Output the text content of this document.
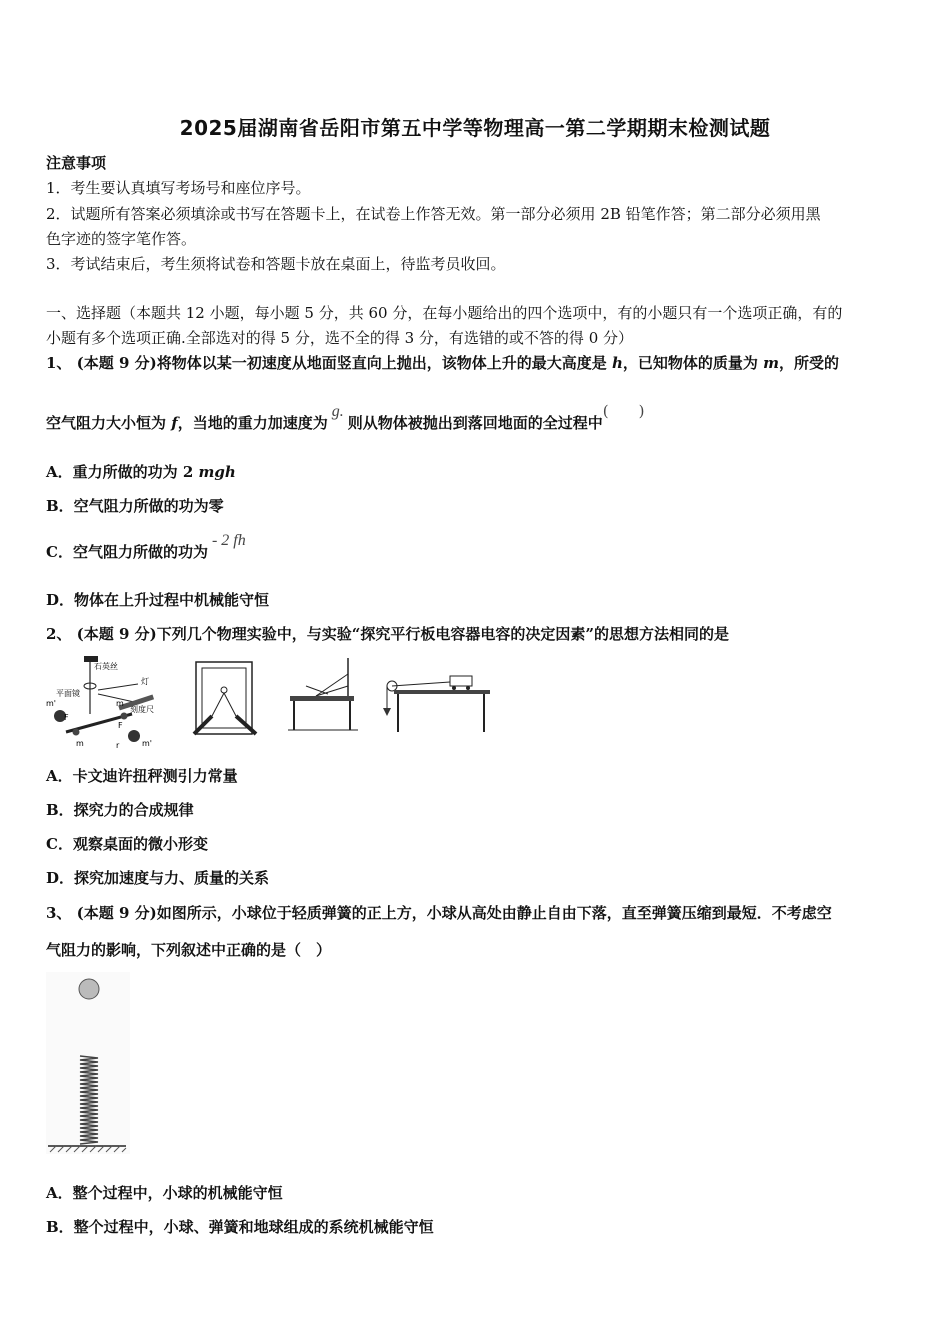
2025届湖南省岳阳市第五中学等物理高一第二学期期末检测试题
注意事项
1．考生要认真填写考场号和座位序号。
2．试题所有答案必须填涂或书写在答题卡上，在试卷上作答无效。第一部分必须用 2B 铅笔作答；第二部分必须用黑
色字迹的签字笔作答。
3．考试结束后，考生须将试卷和答题卡放在桌面上，待监考员收回。
一、选择题（本题共 12 小题，每小题 5 分，共 60 分，在每小题给出的四个选项中，有的小题只有一个选项正确，有的
小题有多个选项正确.全部选对的得 5 分，选不全的得 3 分，有选错的或不答的得 0 分）
1、 (本题 9 分)将物体以某一初速度从地面竖直向上抛出，该物体上升的最大高度是 h，已知物体的质量为 m，所受的
空气阻力大小恒为 f，当地的重力加速度为g.则从物体被抛出到落回地面的全过程中(　　)
A．重力所做的功为 2 mgh
B．空气阻力所做的功为零
C．空气阻力所做的功为- 2 fh
D．物体在上升过程中机械能守恒
2、 (本题 9 分)下列几个物理实验中，与实验“探究平行板电容器电容的决定因素”的思想方法相同的是
石英丝
灯
平面镜
刻度尺
m'
F
m
m
F
r	m'
A．卡文迪许扭秤测引力常量
B．探究力的合成规律
C．观察桌面的微小形变
D．探究加速度与力、质量的关系
3、 (本题 9 分)如图所示，小球位于轻质弹簧的正上方，小球从高处由静止自由下落，直至弹簧压缩到最短．不考虑空
气阻力的影响，下列叙述中正确的是（　）
A．整个过程中，小球的机械能守恒
B．整个过程中，小球、弹簧和地球组成的系统机械能守恒
